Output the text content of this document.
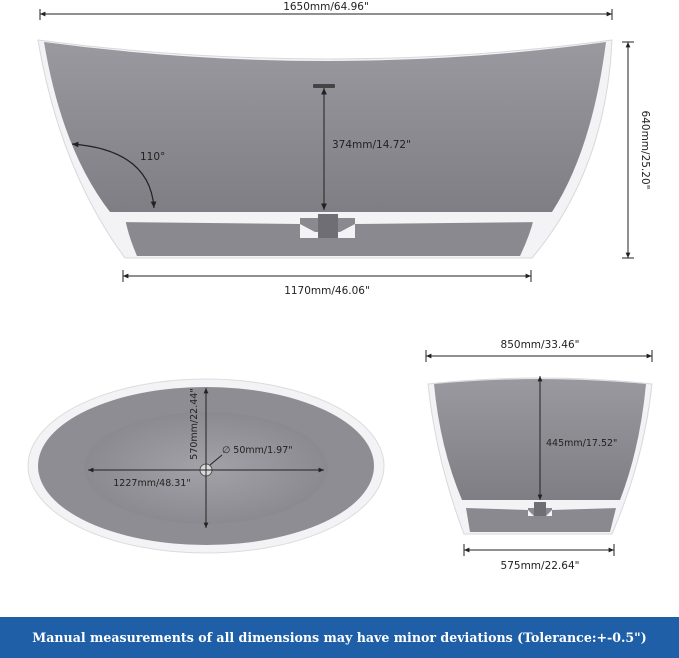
374mm/14.72"
110°
1650mm/64.96"
640mm/25.20"
1170mm/46.06"
570mm/22.44"
1227mm/48.31"
∅ 50mm/1.97"
445mm/17.52"
850mm/33.46"
575mm/22.64"
Manual measurements of all dimensions may have minor deviations (Tolerance:+-0.5")
